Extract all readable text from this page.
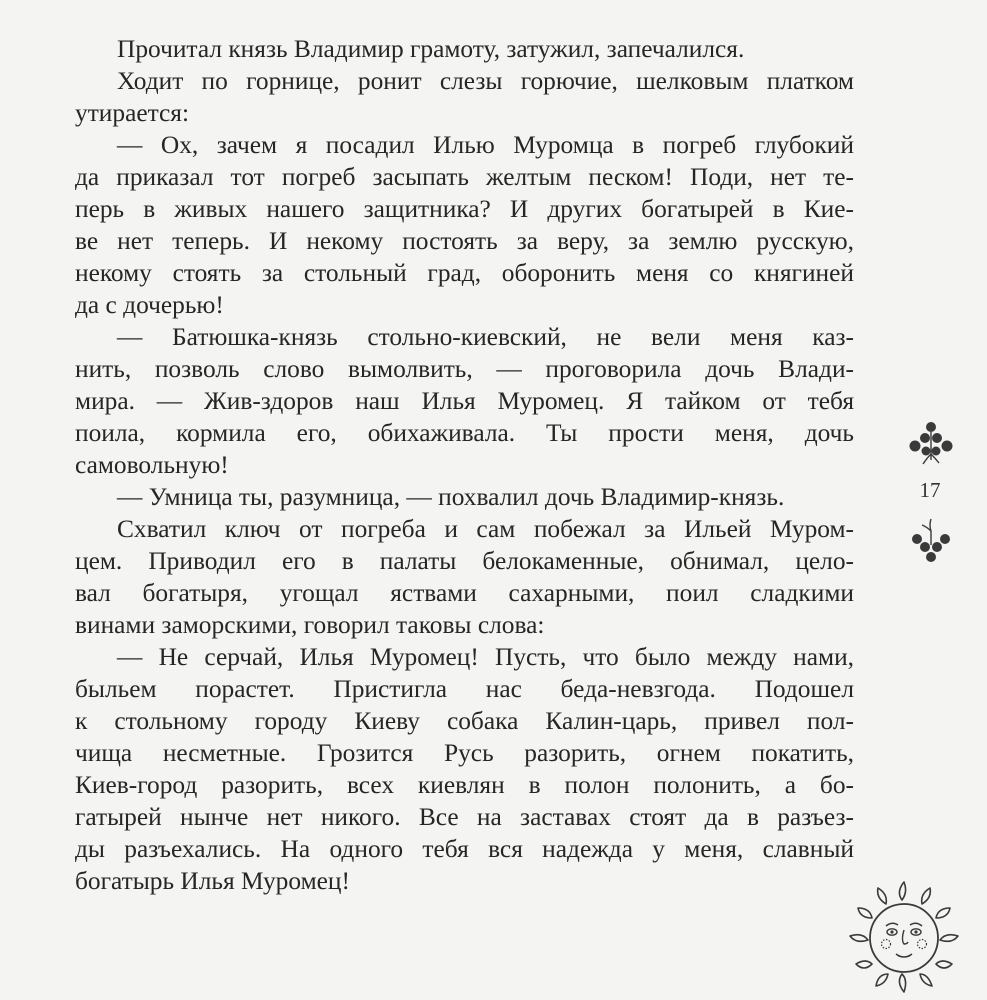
Прочитал князь Владимир грамоту, затужил, запечалился.
Ходит по горнице, ронит слезы горючие, шелковым платком
утирается:
— Ох, зачем я посадил Илью Муромца в погреб глубокий
да приказал тот погреб засыпать желтым песком! Поди, нет те-
перь в живых нашего защитника? И других богатырей в Кие-
ве нет теперь. И некому постоять за веру, за землю русскую,
некому стоять за стольный град, оборонить меня со княгиней
да с дочерью!
— Батюшка-князь стольно-киевский, не вели меня каз-
нить, позволь слово вымолвить, — проговорила дочь Влади-
мира. — Жив-здоров наш Илья Муромец. Я тайком от тебя
поила, кормила его, обихаживала. Ты прости меня, дочь
самовольную!
— Умница ты, разумница, — похвалил дочь Владимир-князь.
Схватил ключ от погреба и сам побежал за Ильей Муром-
цем. Приводил его в палаты белокаменные, обнимал, цело-
вал богатыря, угощал яствами сахарными, поил сладкими
винами заморскими, говорил таковы слова:
— Не серчай, Илья Муромец! Пусть, что было между нами,
быльем порастет. Пристигла нас беда-невзгода. Подошел
к стольному городу Киеву собака Калин-царь, привел пол-
чища несметные. Грозится Русь разорить, огнем покатить,
Киев-город разорить, всех киевлян в полон полонить, а бо-
гатырей нынче нет никого. Все на заставах стоят да в разъез-
ды разъехались. На одного тебя вся надежда у меня, славный
богатырь Илья Муромец!
17
